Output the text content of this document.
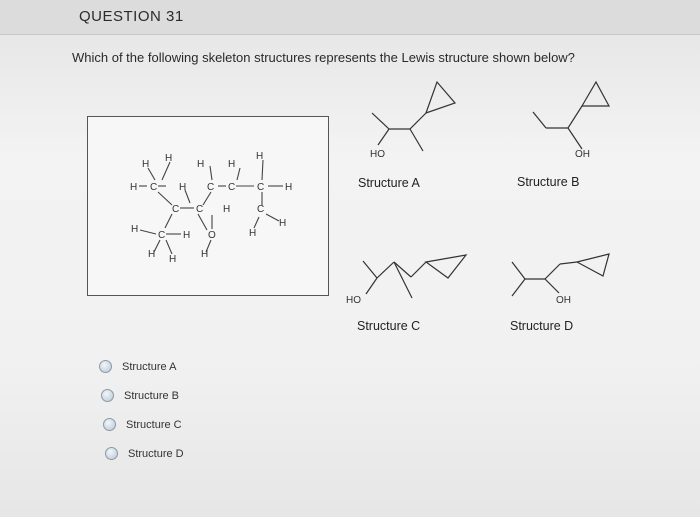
QUESTION 31
Which of the following skeleton structures represents the Lewis structure shown below?
H
H
H H
H
H C H C C C H
C C H	C
H
H
C H O	H
H H H
HO	OH
HO	OH
Structure A	Structure B
Structure C	Structure D
Structure A
Structure B
Structure C
Structure D
